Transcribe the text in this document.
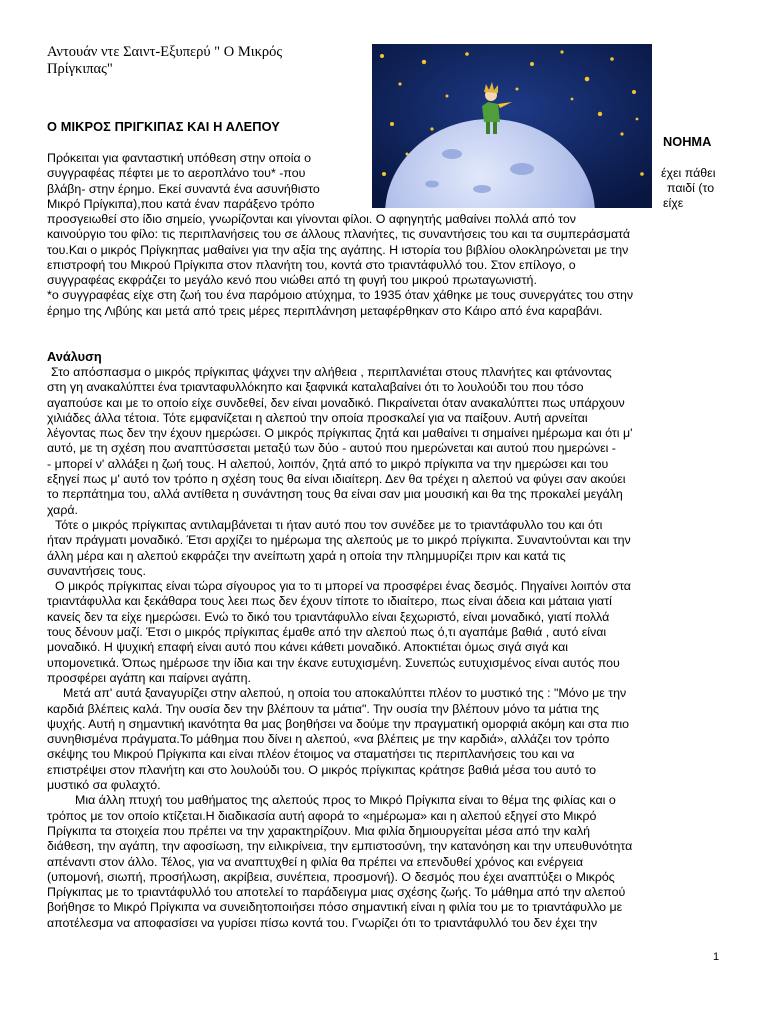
Αντουάν ντε Σαιντ-Εξυπερύ " Ο Μικρός
Πρίγκιπας"
Ο ΜΙΚΡΟΣ ΠΡΙΓΚΙΠΑΣ ΚΑΙ Η ΑΛΕΠΟΥ
ΝΟΗΜΑ
Πρόκειται για φανταστική υπόθεση στην οποία ο
συγγραφέας πέφτει με το αεροπλάνο του* -που
βλάβη- στην έρημο. Εκεί συναντά ένα ασυνήθιστο
Μικρό Πρίγκιπα),που κατά έναν παράξενο τρόπο
έχει πάθει
παιδί (το
είχε
προσγειωθεί στο ίδιο σημείο, γνωρίζονται και γίνονται φίλοι. Ο αφηγητής μαθαίνει πολλά από τον
καινούργιο του φίλο: τις περιπλανήσεις του σε άλλους πλανήτες, τις συναντήσεις του και τα συμπεράσματά
του.Και ο μικρός Πρίγκηπας μαθαίνει για την αξία της αγάπης. Η ιστορία του βιβλίου ολοκληρώνεται με την
επιστροφή του Μικρού Πρίγκιπα στον πλανήτη του, κοντά στο τριαντάφυλλό του. Στον επίλογο, ο
συγγραφέας εκφράζει το μεγάλο κενό που νιώθει από τη φυγή του μικρού πρωταγωνιστή.
*ο συγγραφέας είχε στη ζωή του ένα παρόμοιο ατύχημα, το 1935 όταν χάθηκε με τους συνεργάτες του στην
έρημο της Λιβύης και μετά από τρεις μέρες περιπλάνηση μεταφέρθηκαν στο Κάιρο από ένα καραβάνι.
Ανάλυση
Στο απόσπασμα ο μικρός πρίγκιπας ψάχνει την αλήθεια , περιπλανιέται στους πλανήτες και φτάνοντας
στη γη ανακαλύπτει ένα τριανταφυλλόκηπο και ξαφνικά καταλαβαίνει ότι το λουλούδι του που τόσο
αγαπούσε και με το οποίο είχε συνδεθεί, δεν είναι μοναδικό. Πικραίνεται όταν ανακαλύπτει πως υπάρχουν
χιλιάδες άλλα τέτοια. Τότε εμφανίζεται η αλεπού την οποία προσκαλεί για να παίξουν. Αυτή αρνείται
λέγοντας πως δεν την έχουν ημερώσει. Ο μικρός πρίγκιπας ζητά και μαθαίνει τι σημαίνει ημέρωμα και ότι μ'
αυτό, με τη σχέση που αναπτύσσεται μεταξύ των δύο - αυτού που ημερώνεται και αυτού που ημερώνει -
- μπορεί ν' αλλάξει η ζωή τους. Η αλεπού, λοιπόν, ζητά από το μικρό πρίγκιπα να την ημερώσει και του
εξηγεί πως μ' αυτό τον τρόπο η σχέση τους θα είναι ιδιαίτερη. Δεν θα τρέχει η αλεπού να φύγει σαν ακούει
το περπάτημα του, αλλά αντίθετα η συνάντηση τους θα είναι σαν μια μουσική και θα της προκαλεί μεγάλη
χαρά.
Τότε ο μικρός πρίγκιπας αντιλαμβάνεται τι ήταν αυτό που τον συνέδεε με το τριαντάφυλλο του και ότι
ήταν πράγματι μοναδικό. Έτσι αρχίζει το ημέρωμα της αλεπούς με το μικρό πρίγκιπα. Συναντούνται και την
άλλη μέρα και η αλεπού εκφράζει την ανείπωτη χαρά η οποία την πλημμυρίζει πριν και κατά τις
συναντήσεις τους.
Ο μικρός πρίγκιπας είναι τώρα σίγουρος για το τι μπορεί να προσφέρει ένας δεσμός. Πηγαίνει λοιπόν στα
τριαντάφυλλα και ξεκάθαρα τους λεει πως δεν έχουν τίποτε το ιδιαίτερο, πως είναι άδεια και μάταια γιατί
κανείς δεν τα είχε ημερώσει. Ενώ το δικό του τριαντάφυλλο είναι ξεχωριστό, είναι μοναδικό, γιατί πολλά
τους δένουν μαζί. Έτσι ο μικρός πρίγκιπας έμαθε από την αλεπού πως ό,τι αγαπάμε βαθιά , αυτό είναι
μοναδικό. Η ψυχική επαφή είναι αυτό που κάνει κάθετι μοναδικό. Αποκτιέται όμως σιγά σιγά και
υπομονετικά. Όπως ημέρωσε την ίδια και την έκανε ευτυχισμένη. Συνεπώς ευτυχισμένος είναι αυτός που
προσφέρει αγάπη και παίρνει αγάπη.
Μετά απ' αυτά ξαναγυρίζει στην αλεπού, η οποία του αποκαλύπτει πλέον το μυστικό της : "Μόνο με την
καρδιά βλέπεις καλά. Την ουσία δεν την βλέπουν τα μάτια". Την ουσία την βλέπουν μόνο τα μάτια της
ψυχής. Αυτή η σημαντική ικανότητα θα μας βοηθήσει να δούμε την πραγματική ομορφιά ακόμη και στα πιο
συνηθισμένα πράγματα.Το μάθημα που δίνει η αλεπού, «να βλέπεις με την καρδιά», αλλάζει τον τρόπο
σκέψης του Μικρού Πρίγκιπα και είναι πλέον έτοιμος να σταματήσει τις περιπλανήσεις του και να
επιστρέψει στον πλανήτη και στο λουλούδι του. Ο μικρός πρίγκιπας κράτησε βαθιά μέσα του αυτό το
μυστικό σα φυλαχτό.
Μια άλλη πτυχή του μαθήματος της αλεπούς προς το Μικρό Πρίγκιπα είναι το θέμα της φιλίας και ο
τρόπος με τον οποίο κτίζεται.Η διαδικασία αυτή αφορά το «ημέρωμα» και η αλεπού εξηγεί στο Μικρό
Πρίγκιπα τα στοιχεία που πρέπει να την χαρακτηρίζουν. Μια φιλία δημιουργείται μέσα από την καλή
διάθεση, την αγάπη, την αφοσίωση, την ειλικρίνεια, την εμπιστοσύνη, την κατανόηση και την υπευθυνότητα
απέναντι στον άλλο. Τέλος, για να αναπτυχθεί η φιλία θα πρέπει να επενδυθεί χρόνος και ενέργεια
(υπομονή, σιωπή, προσήλωση, ακρίβεια, συνέπεια, προσμονή). Ο δεσμός που έχει αναπτύξει ο Μικρός
Πρίγκιπας με το τριαντάφυλλό του αποτελεί το παράδειγμα μιας σχέσης ζωής. Το μάθημα από την αλεπού
βοήθησε το Μικρό Πρίγκιπα να συνειδητοποιήσει πόσο σημαντική είναι η φιλία του με το τριαντάφυλλο με
αποτέλεσμα να αποφασίσει να γυρίσει πίσω κοντά του. Γνωρίζει ότι το τριαντάφυλλό του δεν έχει την
1
